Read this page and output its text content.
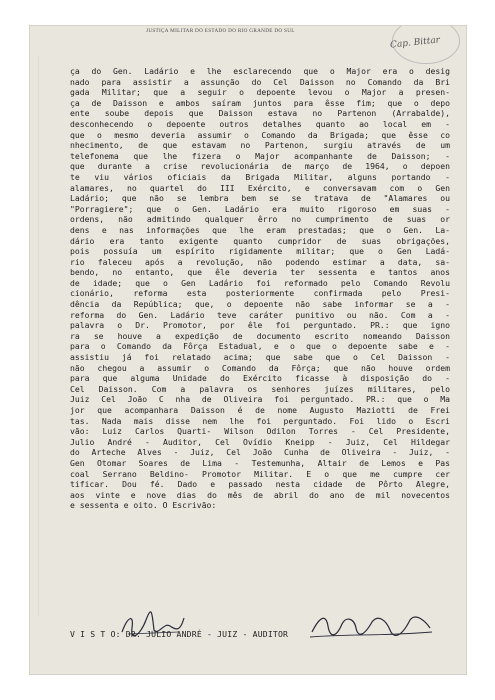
JUSTIÇA MILITAR DO ESTADO DO RIO GRANDE DO SUL
Cap. Bittar
ça do Gen. Ladário e lhe esclarecendo que o Major era o desig
nado para assistir a assunção do Cel Daisson no Comando da Bri
gada Militar; que a seguir o depoente levou o Major a presen-
ça de Daisson e ambos saíram juntos para êsse fim; que o depo
ente soube depois que Daisson estava no Partenon (Arrabalde),
desconhecendo o depoente outros detalhes quanto ao local em -
que o mesmo deveria assumir o Comando da Brigada; que êsse co
nhecimento, de que estavam no Partenon, surgiu através de um
telefonema que lhe fizera o Major acompanhante de Daisson; -
que durante a crise revolucionária de março de 1964, o depoen
te viu vários oficiais da Brigada Militar, alguns portando -
alamares, no quartel do III Exército, e conversavam com o Gen
Ladário; que não se lembra bem se se tratava de "Alamares ou
"Porragiere"; que o Gen. Ladário era muito rigoroso em suas -
ordens, não admitindo qualquer êrro no cumprimento de suas or
dens e nas informações que lhe eram prestadas; que o Gen. La-
dário era tanto exigente quanto cumpridor de suas obrigações,
pois possuía um espírito rigidamente militar; que o Gen Ladá-
rio faleceu após a revolução, não podendo estimar a data, sa-
bendo, no entanto, que êle deveria ter sessenta e tantos anos
de idade; que o Gen Ladário foi reformado pelo Comando Revolu
cionário, reforma esta posteriormente confirmada pelo Presi-
dência da República; que, o depoente não sabe informar se a -
reforma do Gen. Ladário teve caráter punitivo ou não. Com a -
palavra o Dr. Promotor, por êle foi perguntado. PR.: que igno
ra se houve a expedição de documento escrito nomeando Daisson
para o Comando da Fôrça Estadual, e o que o depoente sabe e -
assistiu já foi relatado acima; que sabe que o Cel Daisson -
não chegou a assumir o Comando da Fôrça; que não houve ordem
para que alguma Unidade do Exército ficasse à disposição do -
Cel Daisson. Com a palavra os senhores juízes militares, pelo
Juiz Cel João C nha de Oliveira foi perguntado. PR.: que o Ma
jor que acompanhara Daisson é de nome Augusto Maziotti de Frei
tas. Nada mais disse nem lhe foi perguntado. Foi lido o Escri
vão: Luiz Carlos Quarti- Wilson Odilon Torres - Cel Presidente,
Julio André - Auditor, Cel Ovídio Kneipp - Juiz, Cel Hildegar
do Arteche Alves - Juiz, Cel João Cunha de Oliveira - Juiz, -
Gen Otomar Soares de Lima - Testemunha, Altair de Lemos e Pas
coal Serrano Beldino- Promotor Militar. E o que me cumpre cer
tificar. Dou fé. Dado e passado nesta cidade de Pôrto Alegre,
aos vinte e nove dias do mês de abril do ano de mil novecentos
e sessenta e oito. O Escrivão:
V I S T O: DR. JULIO ANDRÉ - JUIZ - AUDITOR
